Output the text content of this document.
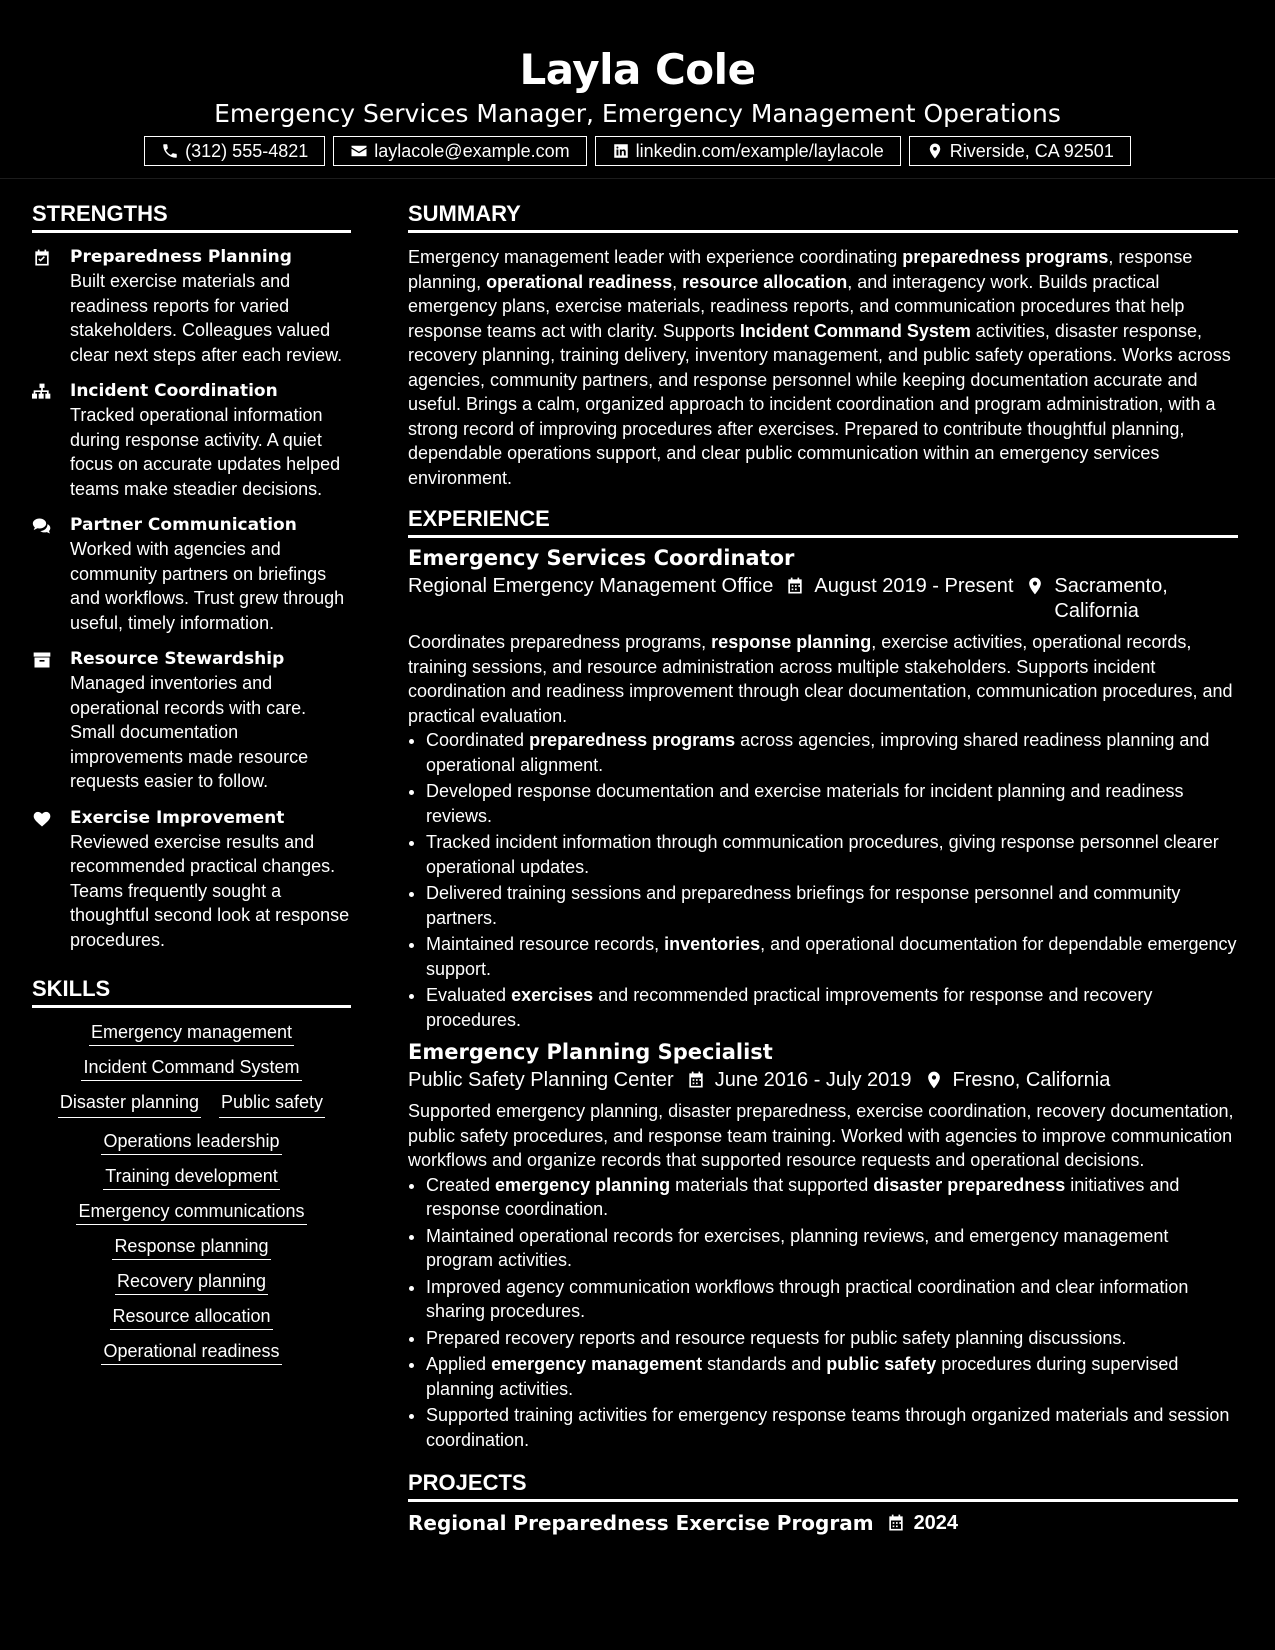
Layla Cole
Emergency Services Manager, Emergency Management Operations
(312) 555-4821	laylacole@example.com	linkedin.com/example/laylacole	Riverside, CA 92501
STRENGTHS
Preparedness Planning
Built exercise materials and readiness reports for varied stakeholders. Colleagues valued clear next steps after each review.
Incident Coordination
Tracked operational information during response activity. A quiet focus on accurate updates helped teams make steadier decisions.
Partner Communication
Worked with agencies and community partners on briefings and workflows. Trust grew through useful, timely information.
Resource Stewardship
Managed inventories and operational records with care. Small documentation improvements made resource requests easier to follow.
Exercise Improvement
Reviewed exercise results and recommended practical changes. Teams frequently sought a thoughtful second look at response procedures.
SKILLS
Emergency management
Incident Command System
Disaster planning Public safety
Operations leadership
Training development
Emergency communications
Response planning
Recovery planning
Resource allocation
Operational readiness
SUMMARY

Emergency management leader with experience coordinating preparedness programs, response planning, operational readiness, resource allocation, and interagency work. Builds practical emergency plans, exercise materials, readiness reports, and communication procedures that help response teams act with clarity. Supports Incident Command System activities, disaster response, recovery planning, training delivery, inventory management, and public safety operations. Works across agencies, community partners, and response personnel while keeping documentation accurate and useful. Brings a calm, organized approach to incident coordination and program administration, with a strong record of improving procedures after exercises. Prepared to contribute thoughtful planning, dependable operations support, and clear public communication within an emergency services environment.

EXPERIENCE
Emergency Services Coordinator
Regional Emergency Management Office August 2019 - Present Sacramento, California

Coordinates preparedness programs, response planning, exercise activities, operational records, training sessions, and resource administration across multiple stakeholders. Supports incident coordination and readiness improvement through clear documentation, communication procedures, and practical evaluation.

• Coordinated preparedness programs across agencies, improving shared readiness planning and operational alignment.
• Developed response documentation and exercise materials for incident planning and readiness reviews.
• Tracked incident information through communication procedures, giving response personnel clearer operational updates.
• Delivered training sessions and preparedness briefings for response personnel and community partners.
• Maintained resource records, inventories, and operational documentation for dependable emergency support.
• Evaluated exercises and recommended practical improvements for response and recovery procedures.
Emergency Planning Specialist
Public Safety Planning Center June 2016 - July 2019 Fresno, California

Supported emergency planning, disaster preparedness, exercise coordination, recovery documentation, public safety procedures, and response team training. Worked with agencies to improve communication workflows and organize records that supported resource requests and operational decisions.

• Created emergency planning materials that supported disaster preparedness initiatives and response coordination.
• Maintained operational records for exercises, planning reviews, and emergency management program activities.
• Improved agency communication workflows through practical coordination and clear information sharing procedures.
• Prepared recovery reports and resource requests for public safety planning discussions.
• Applied emergency management standards and public safety procedures during supervised planning activities.
• Supported training activities for emergency response teams through organized materials and session coordination.
PROJECTS
Regional Preparedness Exercise Program 2024
